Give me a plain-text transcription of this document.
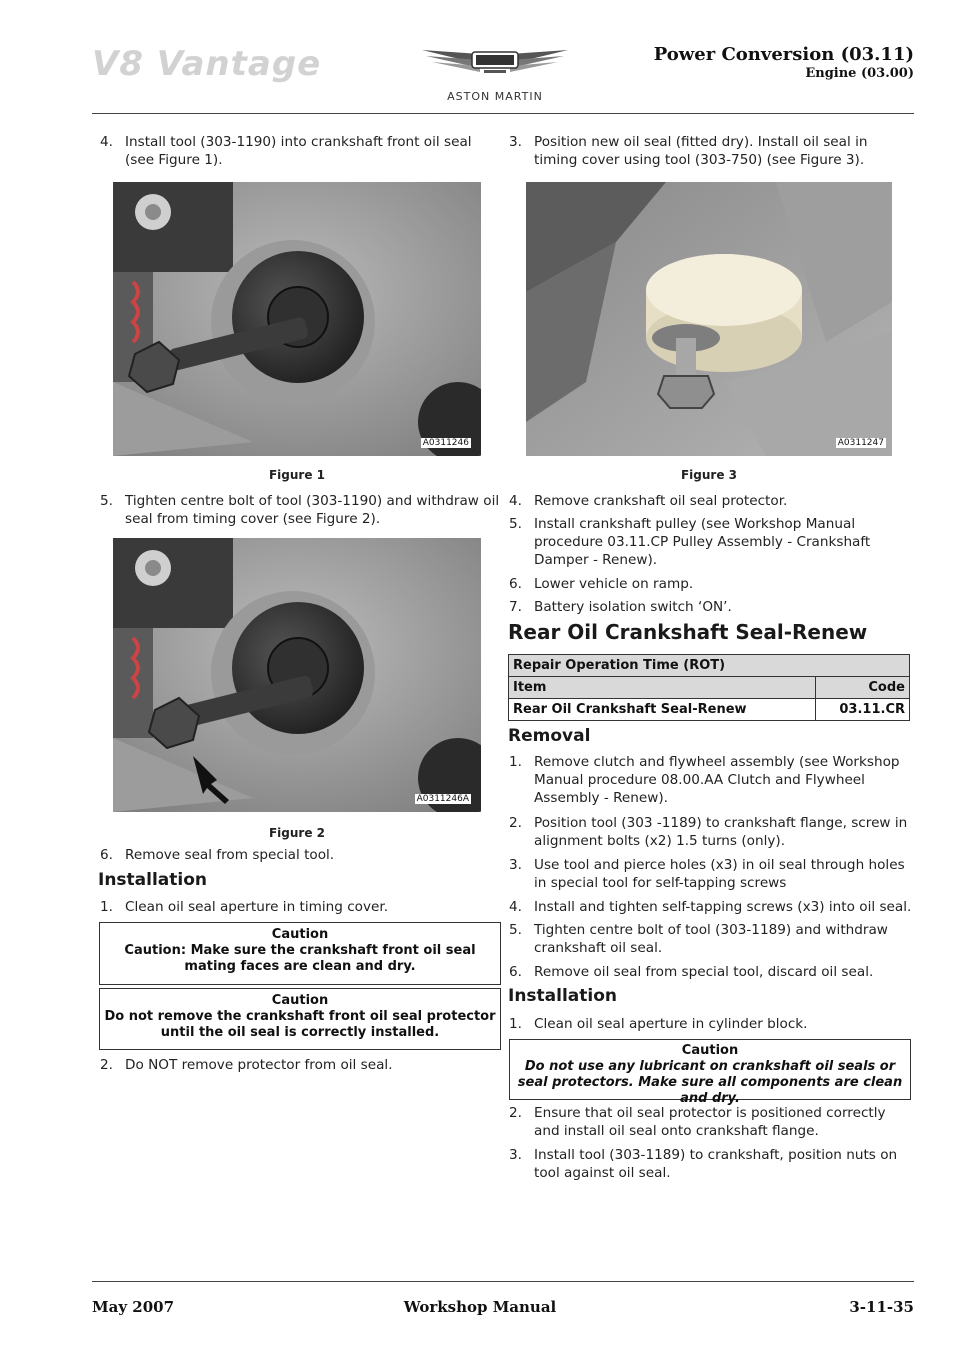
V8 Vantage
ASTON MARTIN
Power Conversion (03.11)
Engine (03.00)
4. Install tool (303-1190) into crankshaft front oil seal (see Figure 1).
A0311246
Figure 1
5. Tighten centre bolt of tool (303-1190) and withdraw oil seal from timing cover (see Figure 2).
A0311246A
Figure 2
6. Remove seal from special tool.
Installation
1. Clean oil seal aperture in timing cover.
Caution
Caution: Make sure the crankshaft front oil seal mating faces are clean and dry.
Caution
Do not remove the crankshaft front oil seal protector until the oil seal is correctly installed.
2. Do NOT remove protector from oil seal.
3. Position new oil seal (fitted dry). Install oil seal in timing cover using tool (303-750) (see Figure 3).
A0311247
Figure 3
4. Remove crankshaft oil seal protector.
5. Install crankshaft pulley (see Workshop Manual procedure 03.11.CP Pulley Assembly - Crankshaft Damper - Renew).
6. Lower vehicle on ramp.
7. Battery isolation switch ‘ON’.
Rear Oil Crankshaft Seal-Renew
Repair Operation Time (ROT)	
Item	Code
Rear Oil Crankshaft Seal-Renew	03.11.CR
Removal
1. Remove clutch and flywheel assembly (see Workshop Manual procedure 08.00.AA Clutch and Flywheel Assembly - Renew).
2. Position tool (303 -1189) to crankshaft flange, screw in alignment bolts (x2) 1.5 turns (only).
3. Use tool and pierce holes (x3) in oil seal through holes in special tool for self-tapping screws
4. Install and tighten self-tapping screws (x3) into oil seal.
5. Tighten centre bolt of tool (303-1189) and withdraw crankshaft oil seal.
6. Remove oil seal from special tool, discard oil seal.
Installation
1. Clean oil seal aperture in cylinder block.
Caution
Do not use any lubricant on crankshaft oil seals or seal protectors. Make sure all components are clean and dry.
2. Ensure that oil seal protector is positioned correctly and install oil seal onto crankshaft flange.
3. Install tool (303-1189) to crankshaft, position nuts on tool against oil seal.
May 2007	Workshop Manual	3-11-35
